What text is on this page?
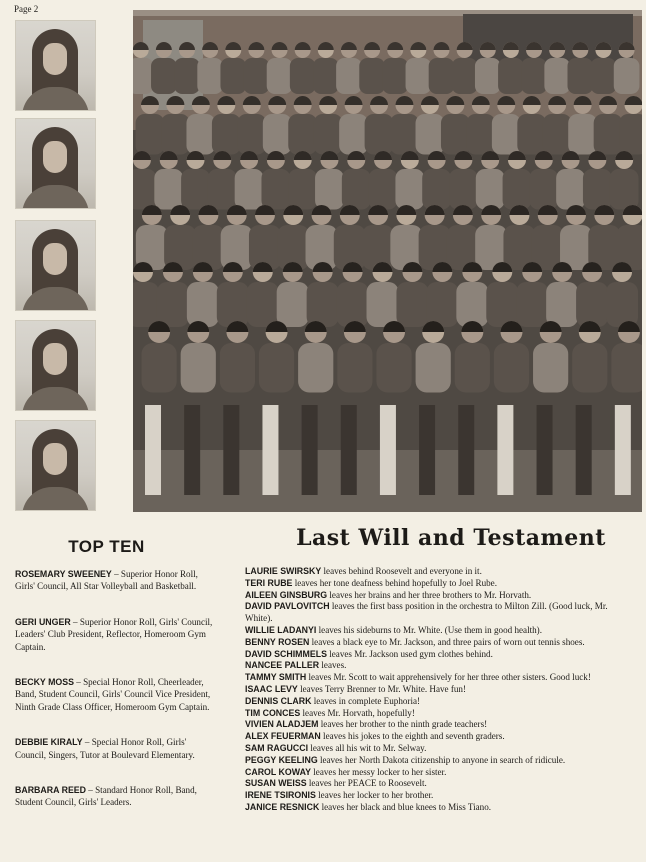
Page 2
TOP TEN	Last Will and Testament
ROSEMARY SWEENEY – Superior Honor Roll, Girls' Council, All Star Volleyball and Basketball.
GERI UNGER – Superior Honor Roll, Girls' Council, Leaders' Club President, Reflector, Homeroom Gym Captain.
BECKY MOSS – Special Honor Roll, Cheerleader, Band, Student Council, Girls' Council Vice President, Ninth Grade Class Officer, Homeroom Gym Captain.
DEBBIE KIRALY – Special Honor Roll, Girls' Council, Singers, Tutor at Boulevard Elementary.
BARBARA REED – Standard Honor Roll, Band, Student Council, Girls' Leaders.
LAURIE SWIRSKY leaves behind Roosevelt and everyone in it.
TERI RUBE leaves her tone deafness behind hopefully to Joel Rube.
AILEEN GINSBURG leaves her brains and her three brothers to Mr. Horvath.
DAVID PAVLOVITCH leaves the first bass position in the orchestra to Milton Zill. (Good luck, Mr. White).
WILLIE LADANYI leaves his sideburns to Mr. White. (Use them in good health).
BENNY ROSEN leaves a black eye to Mr. Jackson, and three pairs of worn out tennis shoes.
DAVID SCHIMMELS leaves Mr. Jackson used gym clothes behind.
NANCEE PALLER leaves.
TAMMY SMITH leaves Mr. Scott to wait apprehensively for her three other sisters. Good luck!
ISAAC LEVY leaves Terry Brenner to Mr. White. Have fun!
DENNIS CLARK leaves in complete Euphoria!
TIM CONCES leaves Mr. Horvath, hopefully!
VIVIEN ALADJEM leaves her brother to the ninth grade teachers!
ALEX FEUERMAN leaves his jokes to the eighth and seventh graders.
SAM RAGUCCI leaves all his wit to Mr. Selway.
PEGGY KEELING leaves her North Dakota citizenship to anyone in search of ridicule.
CAROL KOWAY leaves her messy locker to her sister.
SUSAN WEISS leaves her PEACE to Roosevelt.
IRENE TSIRONIS leaves her locker to her brother.
JANICE RESNICK leaves her black and blue knees to Miss Tiano.
